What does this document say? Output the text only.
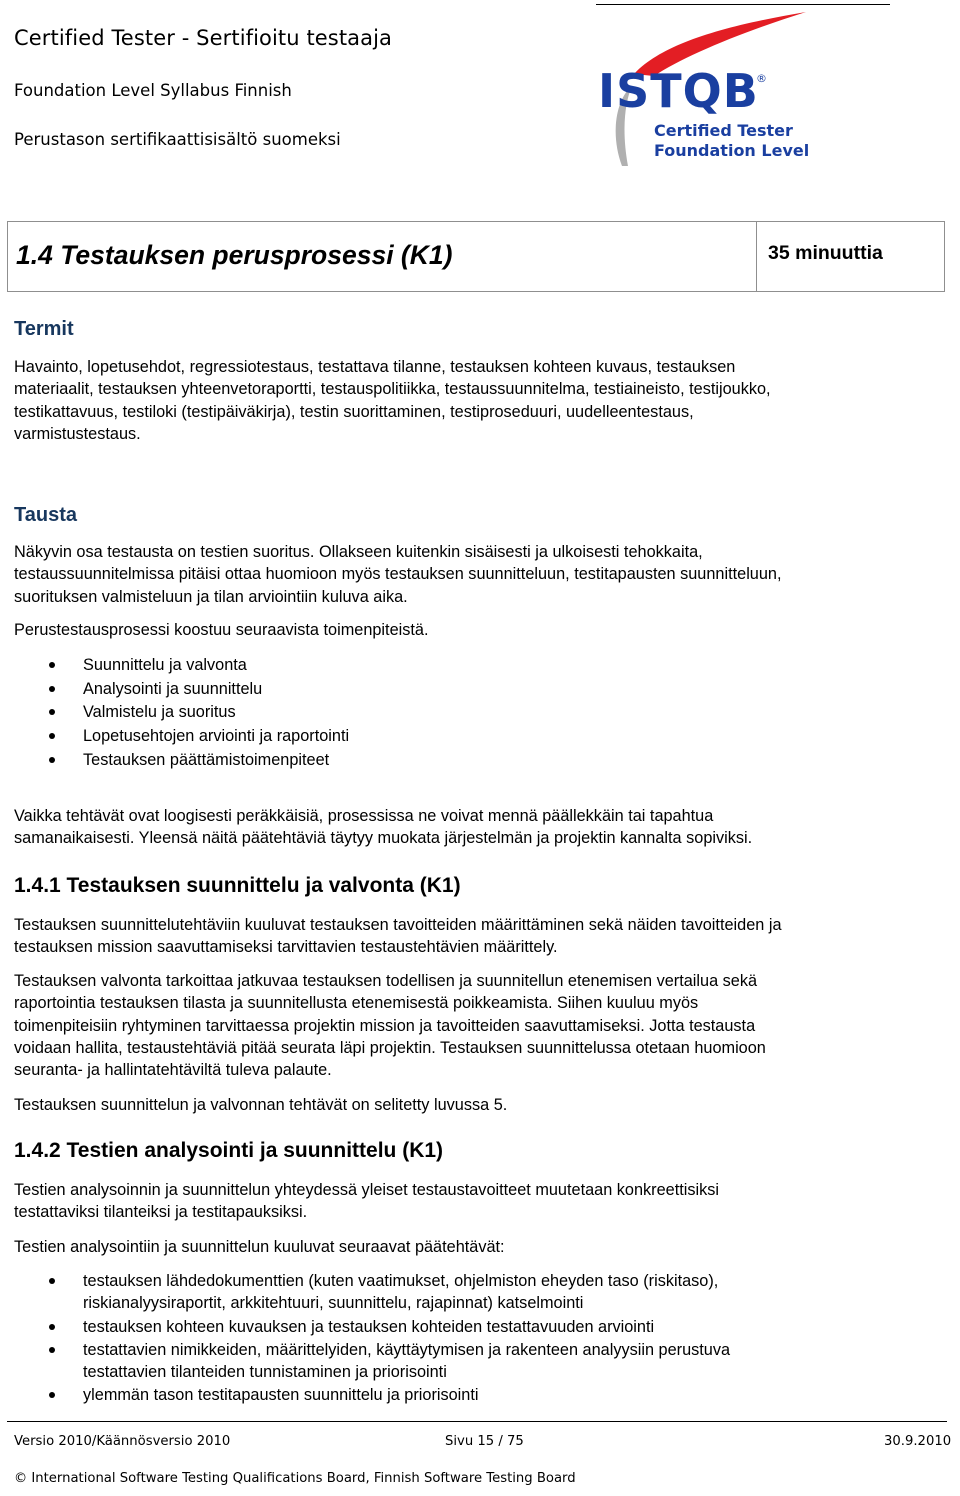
Certified Tester - Sertifioitu testaaja
Foundation Level Syllabus Finnish
Perustason sertifikaattisisältö suomeksi
ISTQB
®
Certified Tester
Foundation Level
1.4 Testauksen perusprosessi (K1)	35 minuuttia
Termit
Havainto, lopetusehdot, regressiotestaus, testattava tilanne, testauksen kohteen kuvaus, testauksen
materiaalit, testauksen yhteenvetoraportti, testauspolitiikka, testaussuunnitelma, testiaineisto, testijoukko,
testikattavuus, testiloki (testipäiväkirja), testin suorittaminen, testiproseduuri, uudelleentestaus,
varmistustestaus.
Tausta
Näkyvin osa testausta on testien suoritus. Ollakseen kuitenkin sisäisesti ja ulkoisesti tehokkaita,
testaussuunnitelmissa pitäisi ottaa huomioon myös testauksen suunnitteluun, testitapausten suunnitteluun,
suorituksen valmisteluun ja tilan arviointiin kuluva aika.
Perustestausprosessi koostuu seuraavista toimenpiteistä.
Suunnittelu ja valvonta
Analysointi ja suunnittelu
Valmistelu ja suoritus
Lopetusehtojen arviointi ja raportointi
Testauksen päättämistoimenpiteet
Vaikka tehtävät ovat loogisesti peräkkäisiä, prosessissa ne voivat mennä päällekkäin tai tapahtua
samanaikaisesti. Yleensä näitä päätehtäviä täytyy muokata järjestelmän ja projektin kannalta sopiviksi.
1.4.1 Testauksen suunnittelu ja valvonta (K1)
Testauksen suunnittelutehtäviin kuuluvat testauksen tavoitteiden määrittäminen sekä näiden tavoitteiden ja
testauksen mission saavuttamiseksi tarvittavien testaustehtävien määrittely.
Testauksen valvonta tarkoittaa jatkuvaa testauksen todellisen ja suunnitellun etenemisen vertailua sekä
raportointia testauksen tilasta ja suunnitellusta etenemisestä poikkeamista. Siihen kuuluu myös
toimenpiteisiin ryhtyminen tarvittaessa projektin mission ja tavoitteiden saavuttamiseksi. Jotta testausta
voidaan hallita, testaustehtäviä pitää seurata läpi projektin. Testauksen suunnittelussa otetaan huomioon
seuranta- ja hallintatehtäviltä tuleva palaute.
Testauksen suunnittelun ja valvonnan tehtävät on selitetty luvussa 5.
1.4.2 Testien analysointi ja suunnittelu (K1)
Testien analysoinnin ja suunnittelun yhteydessä yleiset testaustavoitteet muutetaan konkreettisiksi
testattaviksi tilanteiksi ja testitapauksiksi.
Testien analysointiin ja suunnittelun kuuluvat seuraavat päätehtävät:
testauksen lähdedokumenttien (kuten vaatimukset, ohjelmiston eheyden taso (riskitaso),
riskianalyysiraportit, arkkitehtuuri, suunnittelu, rajapinnat) katselmointi
testauksen kohteen kuvauksen ja testauksen kohteiden testattavuuden arviointi
testattavien nimikkeiden, määrittelyiden, käyttäytymisen ja rakenteen analyysiin perustuva
testattavien tilanteiden tunnistaminen ja priorisointi
ylemmän tason testitapausten suunnittelu ja priorisointi
Versio 2010/Käännösversio 2010	Sivu 15 / 75	30.9.2010
© International Software Testing Qualifications Board, Finnish Software Testing Board
